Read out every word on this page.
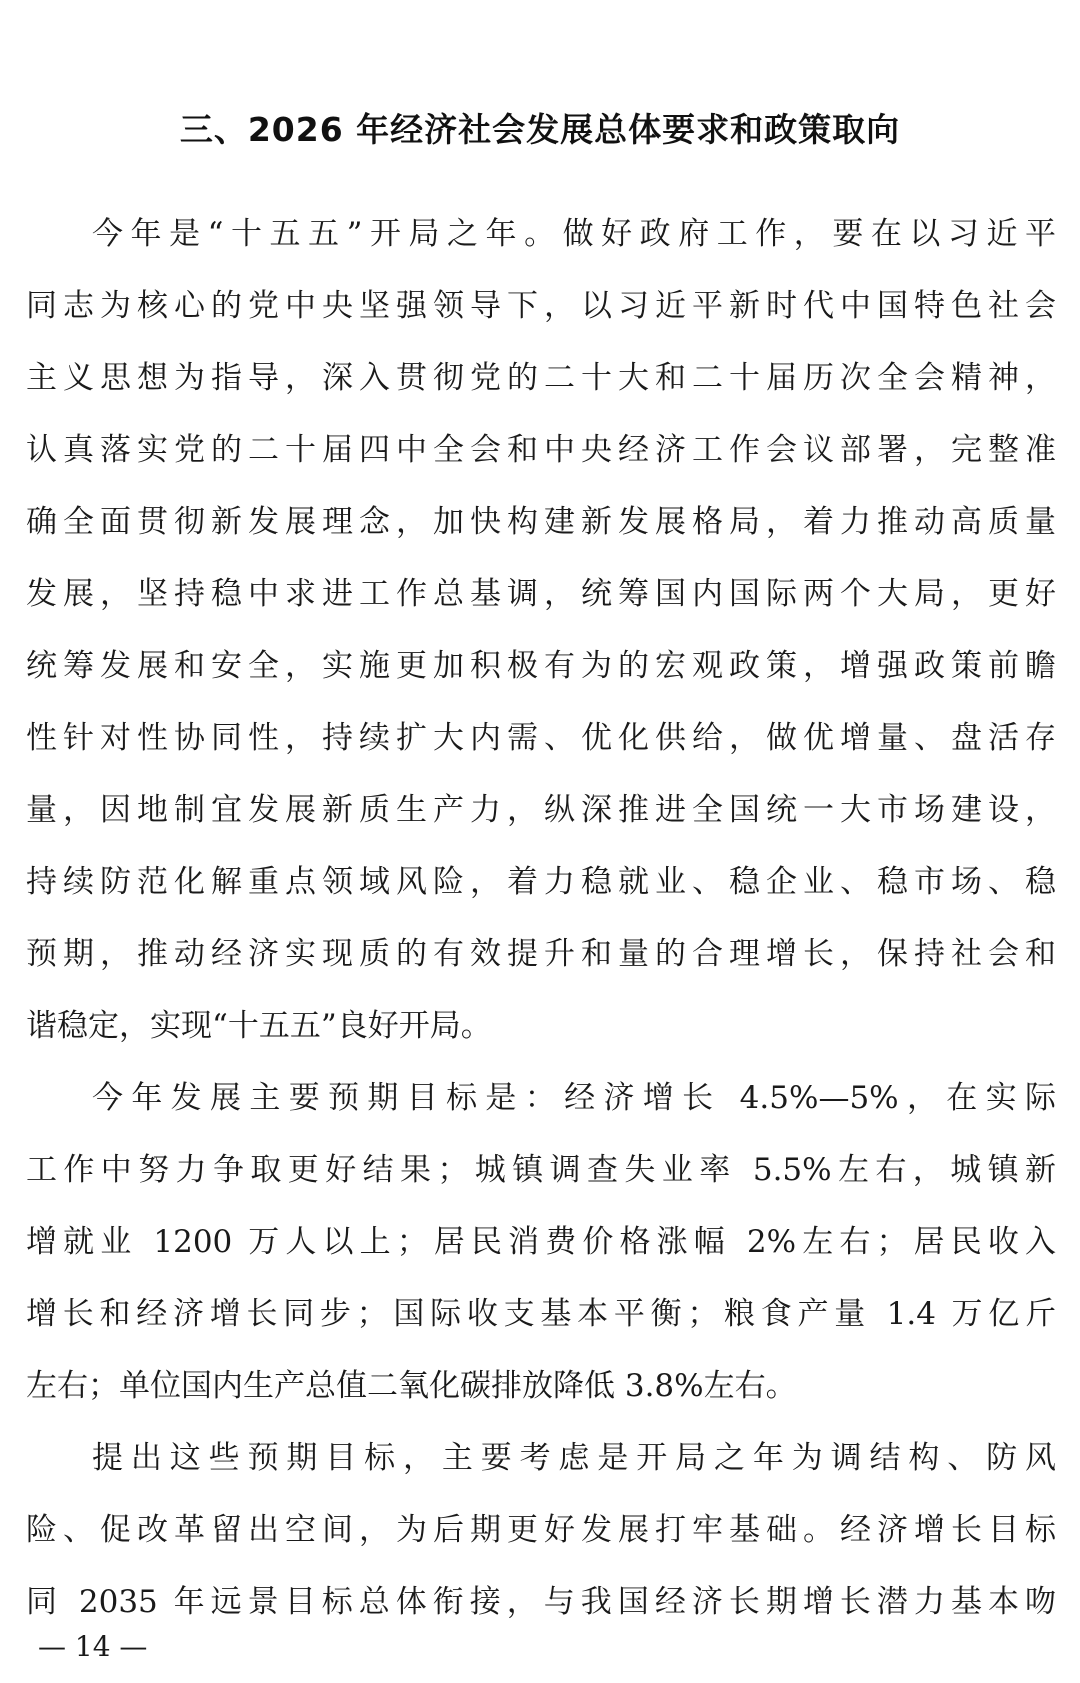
三、2026 年经济社会发展总体要求和政策取向
今年是“十五五”开局之年。做好政府工作，要在以习近平
同志为核心的党中央坚强领导下，以习近平新时代中国特色社会
主义思想为指导，深入贯彻党的二十大和二十届历次全会精神，
认真落实党的二十届四中全会和中央经济工作会议部署，完整准
确全面贯彻新发展理念，加快构建新发展格局，着力推动高质量
发展，坚持稳中求进工作总基调，统筹国内国际两个大局，更好
统筹发展和安全，实施更加积极有为的宏观政策，增强政策前瞻
性针对性协同性，持续扩大内需、优化供给，做优增量、盘活存
量，因地制宜发展新质生产力，纵深推进全国统一大市场建设，
持续防范化解重点领域风险，着力稳就业、稳企业、稳市场、稳
预期，推动经济实现质的有效提升和量的合理增长，保持社会和
谐稳定，实现“十五五”良好开局。
今年发展主要预期目标是：经济增长 4.5%—5%，在实际
工作中努力争取更好结果；城镇调查失业率 5.5%左右，城镇新
增就业 1200 万人以上；居民消费价格涨幅 2%左右；居民收入
增长和经济增长同步；国际收支基本平衡；粮食产量 1.4 万亿斤
左右；单位国内生产总值二氧化碳排放降低 3.8%左右。
提出这些预期目标，主要考虑是开局之年为调结构、防风
险、促改革留出空间，为后期更好发展打牢基础。经济增长目标
同 2035 年远景目标总体衔接，与我国经济长期增长潜力基本吻
— 14 —
